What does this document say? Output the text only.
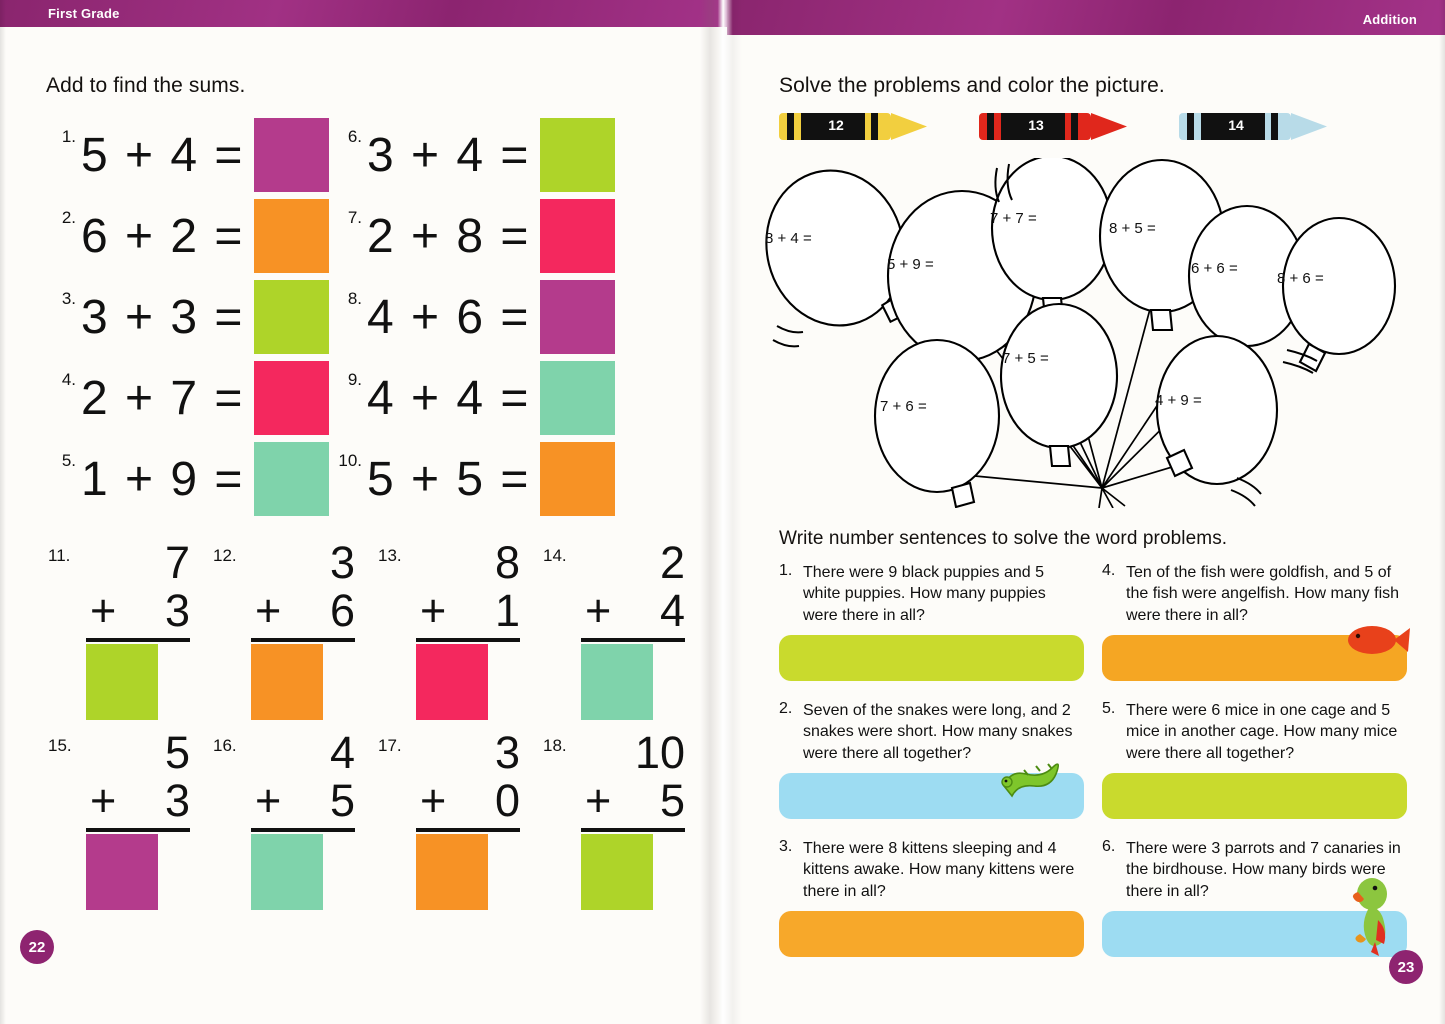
First Grade
Add to find the sums.
1. 5 + 4 =
2. 6 + 2 =
3. 3 + 3 =
4. 2 + 7 =
5. 1 + 9 =
6. 3 + 4 =
7. 2 + 8 =
8. 4 + 6 =
9. 4 + 4 =
10. 5 + 5 =
11.	7
+ 3
12.	3
+ 6
13.	8
+ 1
14.	2
+ 4
15.	5
+ 3
16.	4
+ 5
17.	3
+ 0
18.	10
+ 5
22
Addition
Solve the problems and color the picture.
12	13	14
8 + 4 =
5 + 9 =
7 + 7 =
8 + 5 =
6 + 6 =
8 + 6 =
7 + 5 =
7 + 6 =	4 + 9 =
Write number sentences to solve the word problems.
1. There were 9 black puppies and 5 white puppies. How many puppies were there in all?
2. Seven of the snakes were long, and 2 snakes were short. How many snakes were there all together?
3. There were 8 kittens sleeping and 4 kittens awake. How many kittens were there in all?
4. Ten of the fish were goldfish, and 5 of the fish were angelfish. How many fish were there in all?
5. There were 6 mice in one cage and 5 mice in another cage. How many mice were there all together?
6. There were 3 parrots and 7 canaries in the birdhouse. How many birds were there in all?
23
